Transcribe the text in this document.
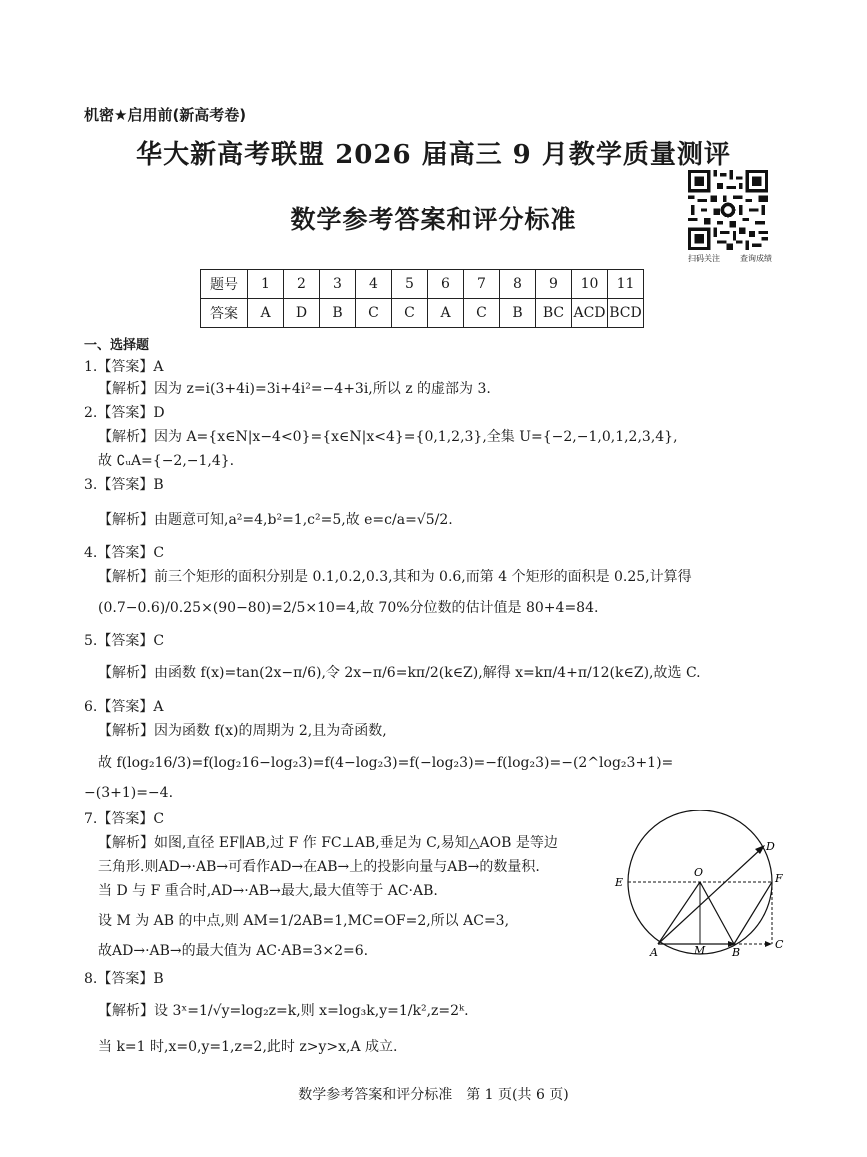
机密★启用前(新高考卷)
华大新高考联盟 2026 届高三 9 月教学质量测评
数学参考答案和评分标准
扫码关注	查询成绩
题号	1	2	3	4	5	6	7	8	9	10	11
答案	A	D	B	C	C	A	C	B	BC	ACD	BCD
一、选择题
1.【答案】A
【解析】因为 z=i(3+4i)=3i+4i²=−4+3i,所以 z 的虚部为 3.
2.【答案】D
【解析】因为 A={x∈N|x−4<0}={x∈N|x<4}={0,1,2,3},全集 U={−2,−1,0,1,2,3,4},
故 ∁ᵤA={−2,−1,4}.
3.【答案】B
【解析】由题意可知,a²=4,b²=1,c²=5,故 e=c/a=√5/2.
4.【答案】C
【解析】前三个矩形的面积分别是 0.1,0.2,0.3,其和为 0.6,而第 4 个矩形的面积是 0.25,计算得
(0.7−0.6)/0.25×(90−80)=2/5×10=4,故 70%分位数的估计值是 80+4=84.
5.【答案】C
【解析】由函数 f(x)=tan(2x−π/6),令 2x−π/6=kπ/2(k∈Z),解得 x=kπ/4+π/12(k∈Z),故选 C.
6.【答案】A
【解析】因为函数 f(x)的周期为 2,且为奇函数,
故 f(log₂16/3)=f(log₂16−log₂3)=f(4−log₂3)=f(−log₂3)=−f(log₂3)=−(2^log₂3+1)=
−(3+1)=−4.
7.【答案】C
【解析】如图,直径 EF∥AB,过 F 作 FC⊥AB,垂足为 C,易知△AOB 是等边
三角形.则AD→·AB→可看作AD→在AB→上的投影向量与AB→的数量积.
当 D 与 F 重合时,AD→·AB→最大,最大值等于 AC·AB.
设 M 为 AB 的中点,则 AM=1/2AB=1,MC=OF=2,所以 AC=3,
故AD→·AB→的最大值为 AC·AB=3×2=6.
8.【答案】B
【解析】设 3ˣ=1/√y=log₂z=k,则 x=log₃k,y=1/k²,z=2ᵏ.
当 k=1 时,x=0,y=1,z=2,此时 z>y>x,A 成立.
O
D
E	F
A	M B
C
数学参考答案和评分标准　第 1 页(共 6 页)
